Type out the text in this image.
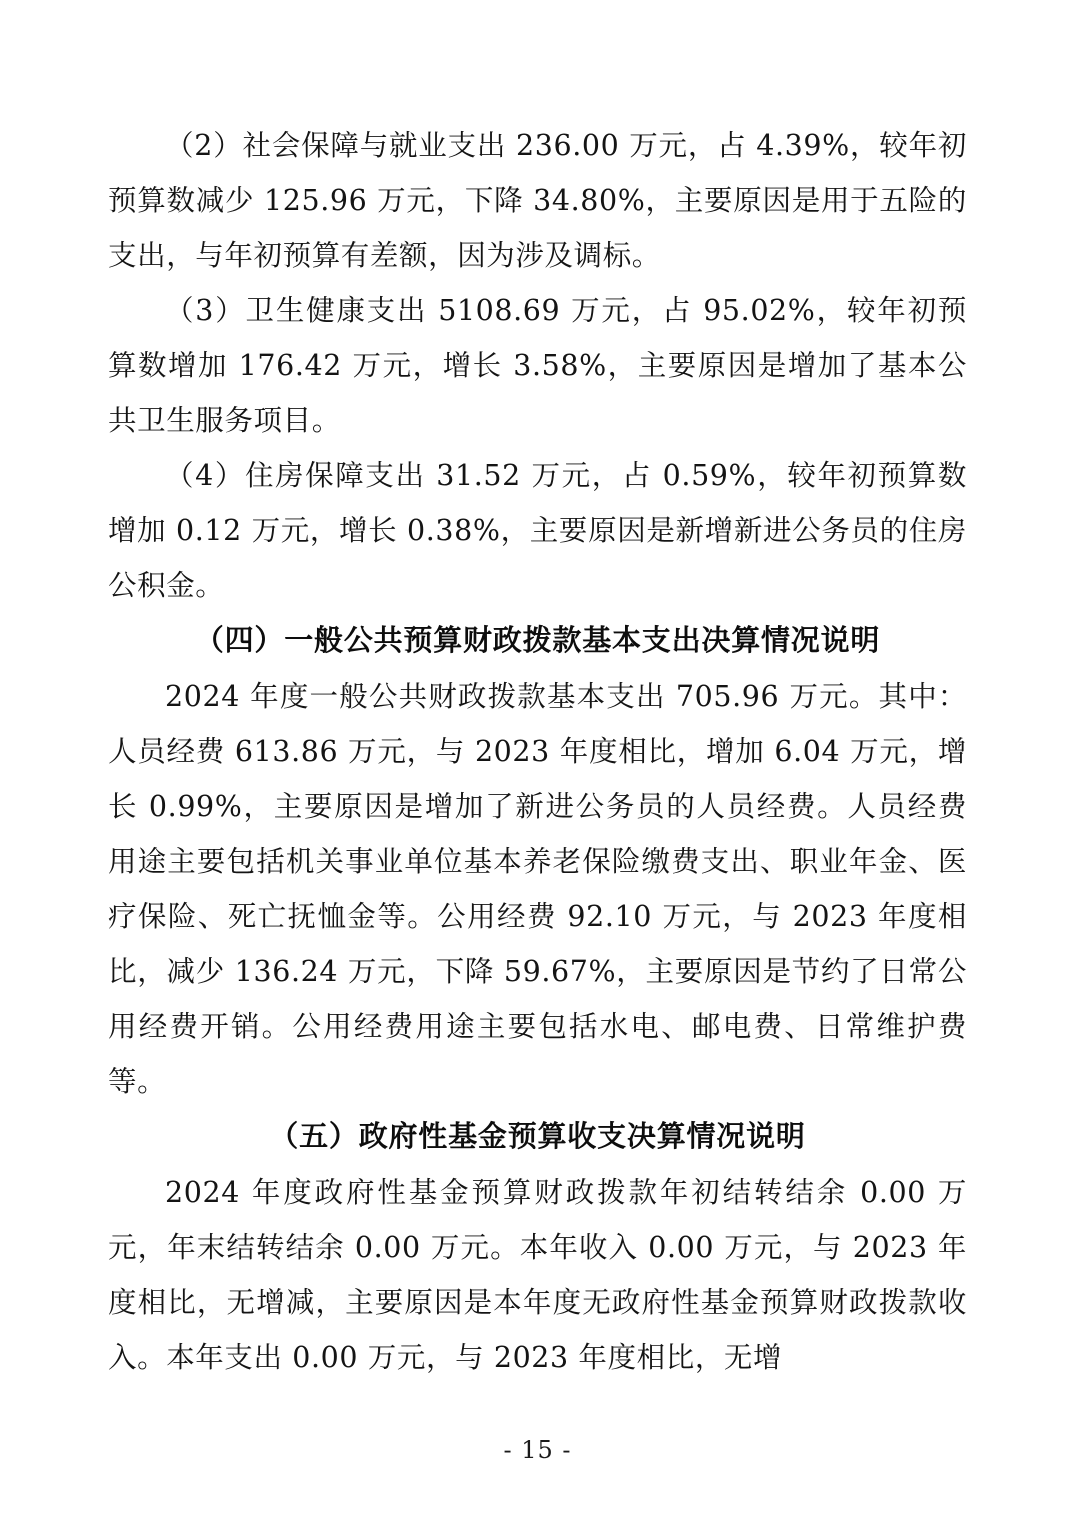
（2）社会保障与就业支出 236.00 万元，占 4.39%，较年初预算数减少 125.96 万元，下降 34.80%，主要原因是用于五险的支出，与年初预算有差额，因为涉及调标。

（3）卫生健康支出 5108.69 万元，占 95.02%，较年初预算数增加 176.42 万元，增长 3.58%，主要原因是增加了基本公共卫生服务项目。

（4）住房保障支出 31.52 万元，占 0.59%，较年初预算数增加 0.12 万元，增长 0.38%，主要原因是新增新进公务员的住房公积金。

（四）一般公共预算财政拨款基本支出决算情况说明

2024 年度一般公共财政拨款基本支出 705.96 万元。其中：人员经费 613.86 万元，与 2023 年度相比，增加 6.04 万元，增长 0.99%，主要原因是增加了新进公务员的人员经费。人员经费用途主要包括机关事业单位基本养老保险缴费支出、职业年金、医疗保险、死亡抚恤金等。公用经费 92.10 万元，与 2023 年度相比，减少 136.24 万元，下降 59.67%，主要原因是节约了日常公用经费开销。公用经费用途主要包括水电、邮电费、日常维护费等。

（五）政府性基金预算收支决算情况说明

2024 年度政府性基金预算财政拨款年初结转结余 0.00 万元，年末结转结余 0.00 万元。本年收入 0.00 万元，与 2023 年度相比，无增减，主要原因是本年度无政府性基金预算财政拨款收入。本年支出 0.00 万元，与 2023 年度相比，无增

- 15 -
